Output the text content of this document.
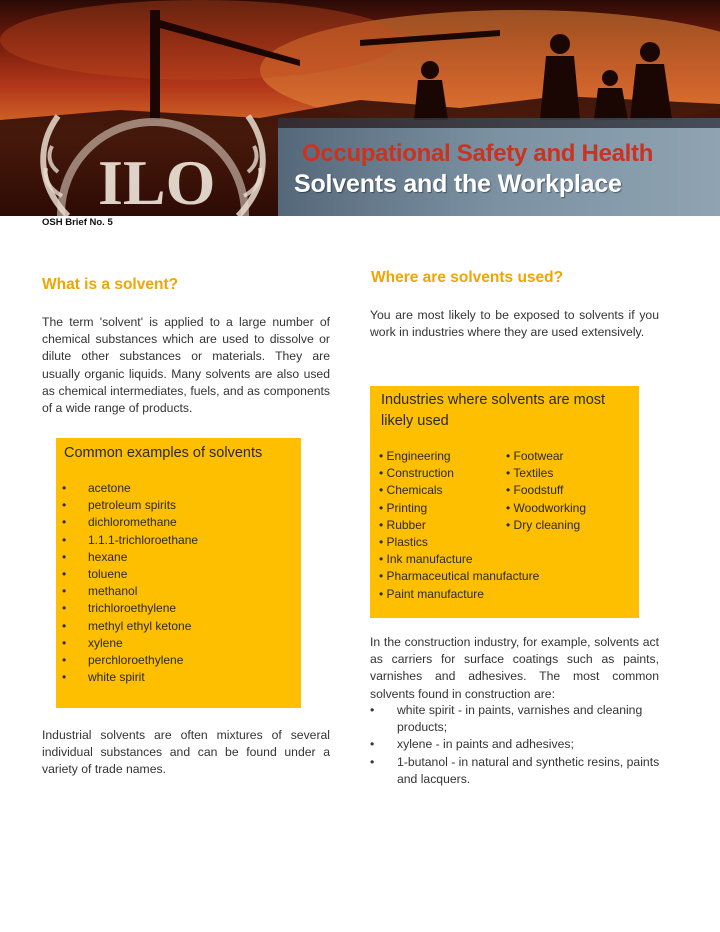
ILO	Occupational Safety and Health
Solvents and the Workplace
OSH Brief No. 5
What is a solvent?
The term 'solvent' is applied to a large number of chemical substances which are used to dissolve or dilute other substances or materials. They are usually organic liquids. Many solvents are also used as chemical intermediates, fuels, and as components of a wide range of products.
Common examples of solvents
• acetone
• petroleum spirits
• dichloromethane
• 1.1.1-trichloroethane
• hexane
• toluene
• methanol
• trichloroethylene
• methyl ethyl ketone
• xylene
• perchloroethylene
• white spirit
Industrial solvents are often mixtures of several individual substances and can be found under a variety of trade names.
Where are solvents used?
You are most likely to be exposed to solvents if you work in industries where they are used extensively.
Industries where solvents are most likely used
• Engineering
• Construction
• Chemicals
• Printing
• Rubber
• Plastics
• Ink manufacture
• Pharmaceutical manufacture
• Paint manufacture
• Footwear
• Textiles
• Foodstuff
• Woodworking
• Dry cleaning
In the construction industry, for example, solvents act as carriers for surface coatings such as paints, varnishes and adhesives. The most common solvents found in construction are:
• white spirit - in paints, varnishes and cleaning products;
• xylene - in paints and adhesives;
• 1-butanol - in natural and synthetic resins, paints and lacquers.
